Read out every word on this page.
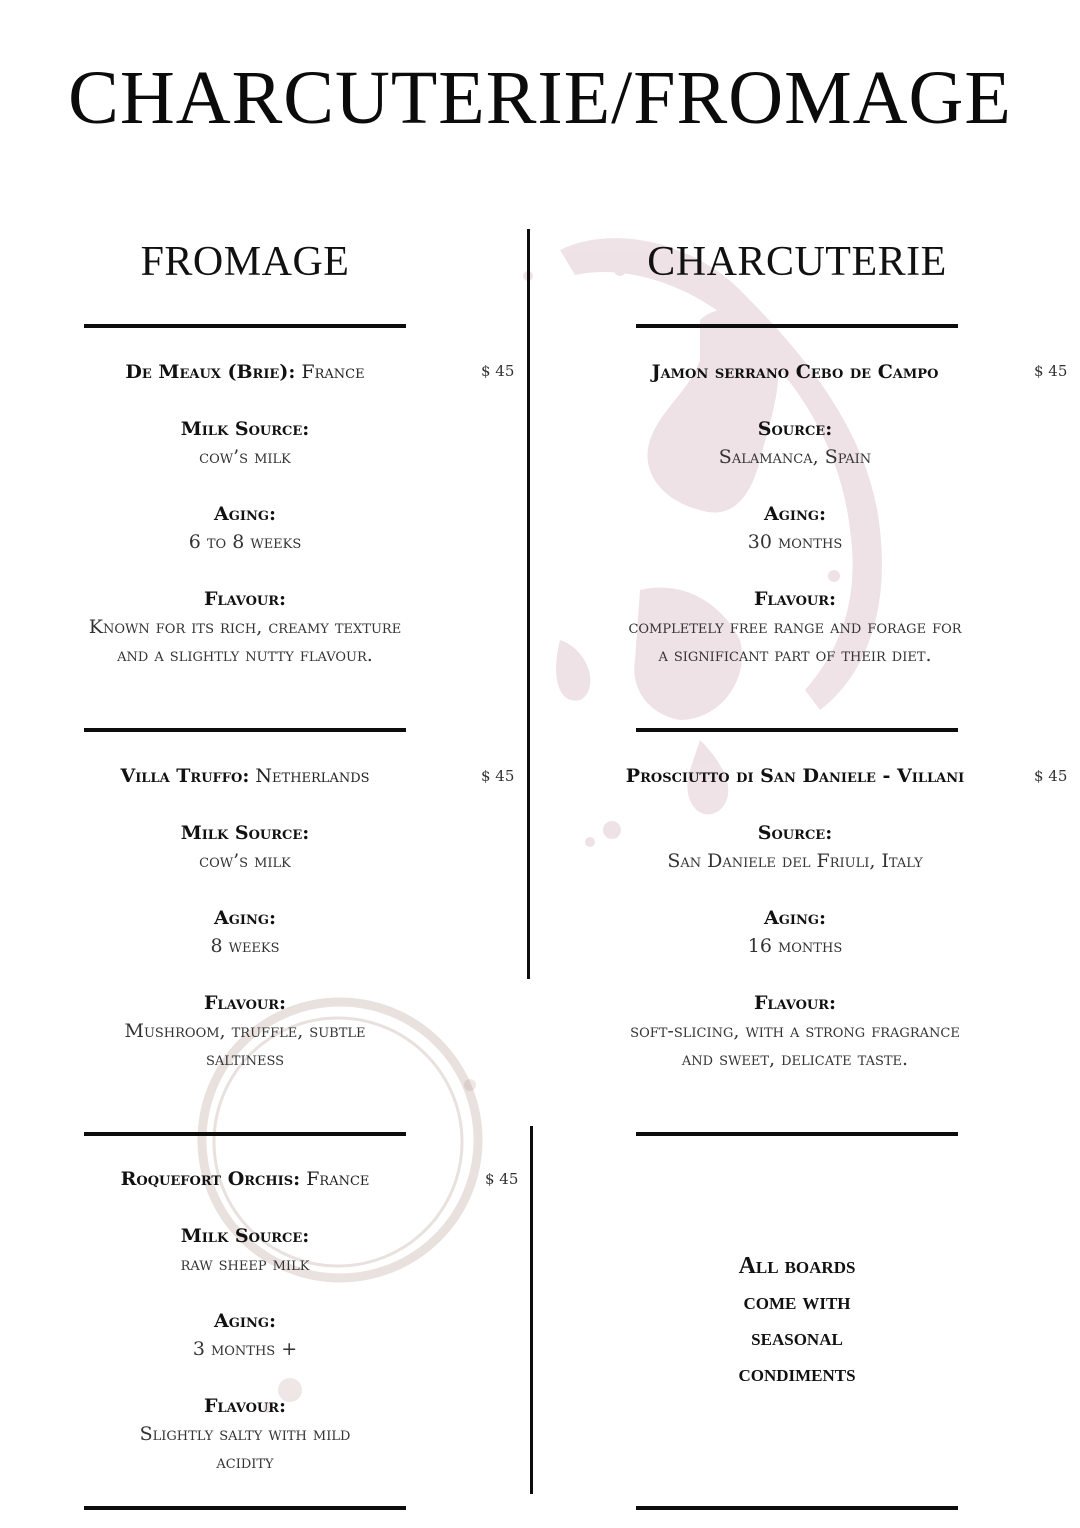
CHARCUTERIE/FROMAGE
FROMAGE	CHARCUTERIE
De Meaux (Brie): France
Milk Source:
cow’s milk
Aging:
6 to 8 weeks
Flavour:
Known for its rich, creamy texture
and a slightly nutty flavour.
$ 45
Villa Truffo: Netherlands
Milk Source:
cow’s milk
Aging:
8 weeks
Flavour:
Mushroom, truffle, subtle
saltiness
$ 45
Roquefort Orchis: France
Milk Source:
raw sheep milk
Aging:
3 months +
Flavour:
Slightly salty with mild
acidity
$ 45
Jamon serrano Cebo de Campo
Source:
Salamanca, Spain
Aging:
30 months
Flavour:
completely free range and forage for
a significant part of their diet.
$ 45
Prosciutto di San Daniele - Villani
Source:
San Daniele del Friuli, Italy
Aging:
16 months
Flavour:
soft-slicing, with a strong fragrance
and sweet, delicate taste.
$ 45
All boards
come with
seasonal
condiments
